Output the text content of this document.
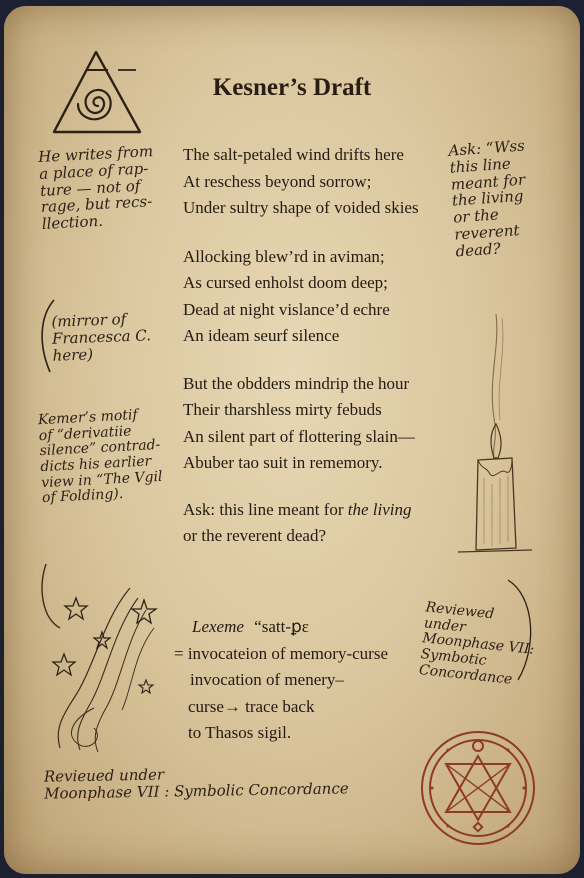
Kesner’s Draft
He writes from
a place of rap-
ture — not of
rage, but recs-
llection.
(mirror of
Francesca C.
here)
Kemer’s motif
of “derivatiie
silence” contrad-
dicts his earlier
view in “The Vgil
of Folding).
The salt-petaled wind drifts here
At reschess beyond sorrow;
Under sultry shape of voided skies
Allocking blew’rd in aviman;
As cursed enholst doom deep;
Dead at night vislance’d echre
An ideam seurf silence
But the obdders mindrip the hour
Their tharshless mirty febuds
An silent part of flottering slain—
Abuber tao suit in rememory.
Ask: this line meant for the living
or the reverent dead?
Ask: “Wss
this line
meant for
the living
or the
reverent
dead?
Lexeme “satt-ꝑɛ
= invocateion of memory-curse
invocation of menery–
curse→ trace back
to Thasos sigil.
Reviewed
under
Moonphase VII:
Symbotic
Concordance
Revieued under
Moonphase VII : Symbolic Concordance
